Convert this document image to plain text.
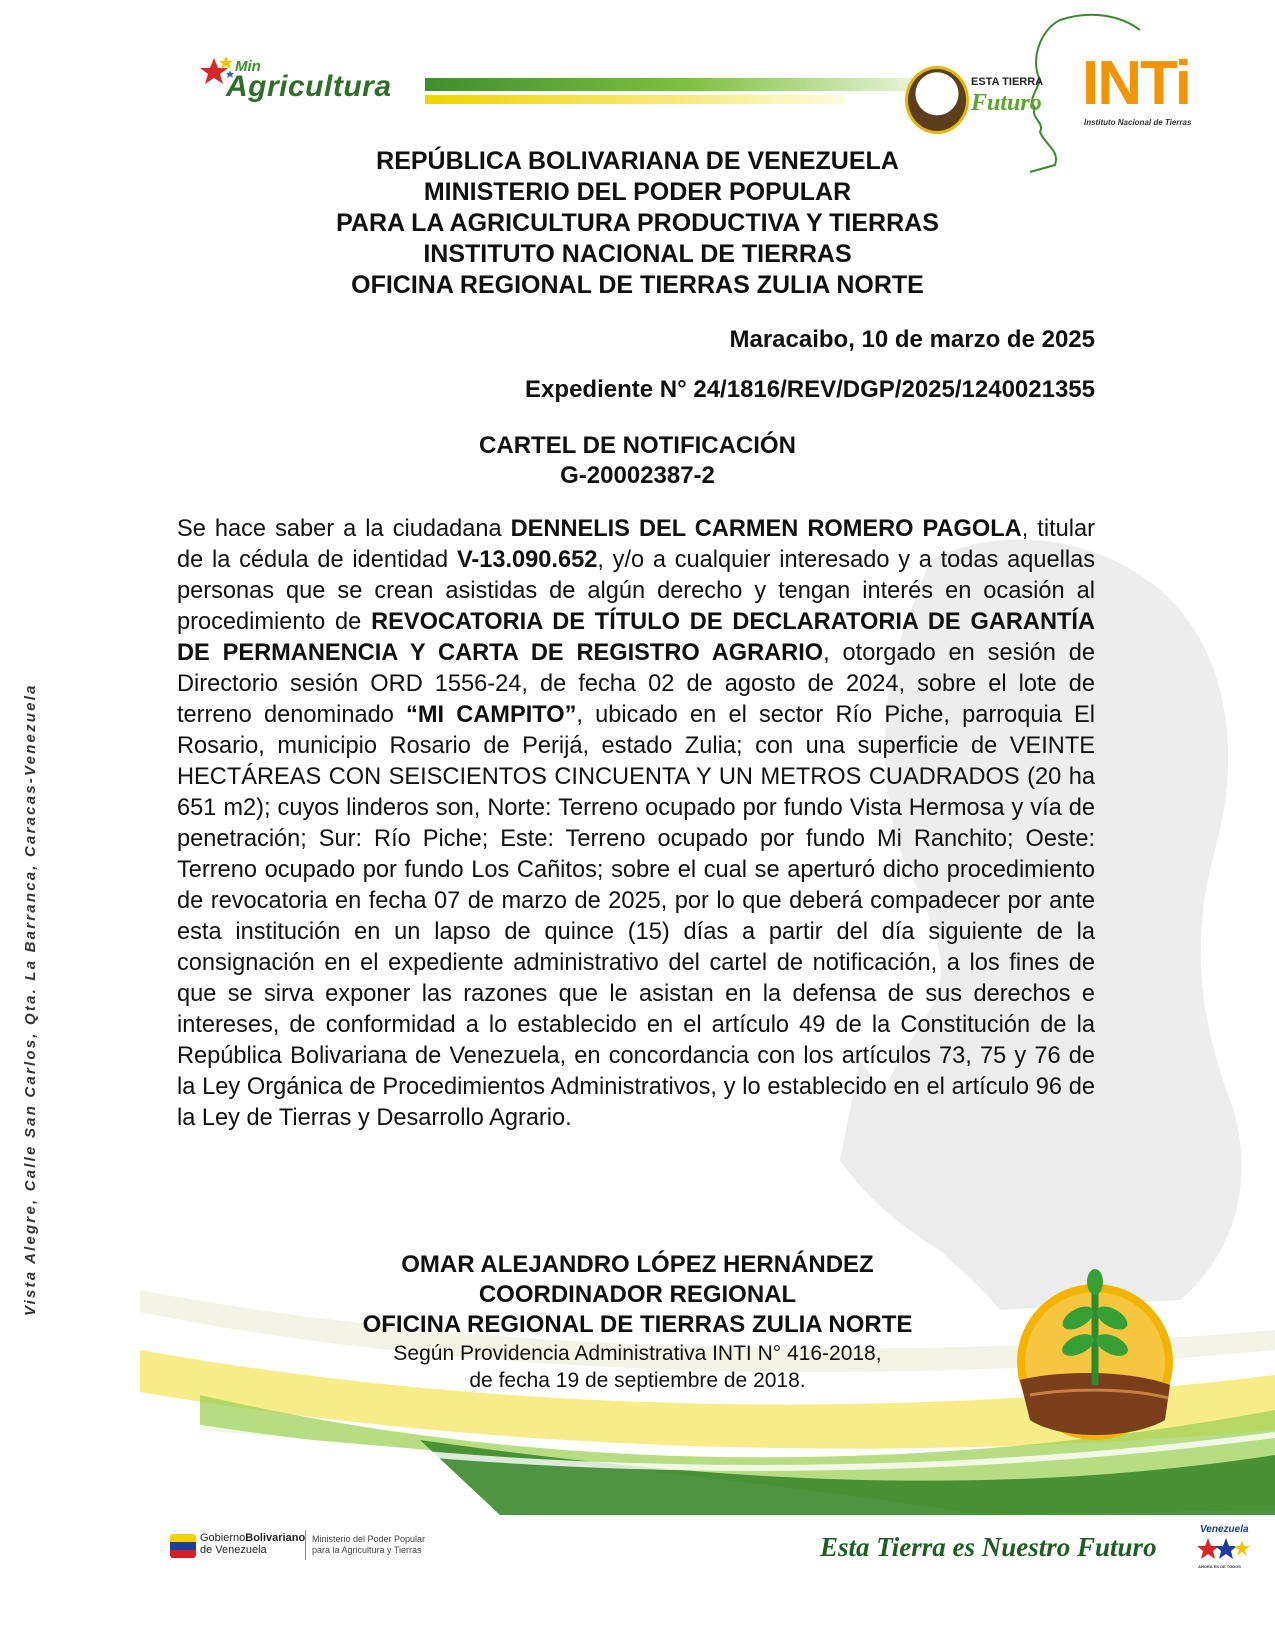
Min
Agricultura	ESTA TIERRA
Futuro INTi
Instituto Nacional de Tierras
Vista Alegre, Calle San Carlos, Qta. La Barranca, Caracas-Venezuela
REPÚBLICA BOLIVARIANA DE VENEZUELA
MINISTERIO DEL PODER POPULAR
PARA LA AGRICULTURA PRODUCTIVA Y TIERRAS
INSTITUTO NACIONAL DE TIERRAS
OFICINA REGIONAL DE TIERRAS ZULIA NORTE
Maracaibo, 10 de marzo de 2025
Expediente N° 24/1816/REV/DGP/2025/1240021355
CARTEL DE NOTIFICACIÓN
G-20002387-2
Se hace saber a la ciudadana DENNELIS DEL CARMEN ROMERO PAGOLA, titular de la cédula de identidad V-13.090.652, y/o a cualquier interesado y a todas aquellas personas que se crean asistidas de algún derecho y tengan interés en ocasión al procedimiento de REVOCATORIA DE TÍTULO DE DECLARATORIA DE GARANTÍA DE PERMANENCIA Y CARTA DE REGISTRO AGRARIO, otorgado en sesión de Directorio sesión ORD 1556-24, de fecha 02 de agosto de 2024, sobre el lote de terreno denominado “MI CAMPITO”, ubicado en el sector Río Piche, parroquia El Rosario, municipio Rosario de Perijá, estado Zulia; con una superficie de VEINTE HECTÁREAS CON SEISCIENTOS CINCUENTA Y UN METROS CUADRADOS (20 ha 651 m2); cuyos linderos son, Norte: Terreno ocupado por fundo Vista Hermosa y vía de penetración; Sur: Río Piche; Este: Terreno ocupado por fundo Mi Ranchito; Oeste: Terreno ocupado por fundo Los Cañitos; sobre el cual se aperturó dicho procedimiento de revocatoria en fecha 07 de marzo de 2025, por lo que deberá compadecer por ante esta institución en un lapso de quince (15) días a partir del día siguiente de la consignación en el expediente administrativo del cartel de notificación, a los fines de que se sirva exponer las razones que le asistan en la defensa de sus derechos e intereses, de conformidad a lo establecido en el artículo 49 de la Constitución de la República Bolivariana de Venezuela, en concordancia con los artículos 73, 75 y 76 de la Ley Orgánica de Procedimientos Administrativos, y lo establecido en el artículo 96 de la Ley de Tierras y Desarrollo Agrario.
OMAR ALEJANDRO LÓPEZ HERNÁNDEZ
COORDINADOR REGIONAL
OFICINA REGIONAL DE TIERRAS ZULIA NORTE
Según Providencia Administrativa INTI N° 416-2018,
de fecha 19 de septiembre de 2018.
GobiernoBolivariano
de Venezuela
Ministerio del Poder Popular
para la Agricultura y Tierras	Esta Tierra es Nuestro Futuro
Venezuela
AHORA ES DE TODOS
